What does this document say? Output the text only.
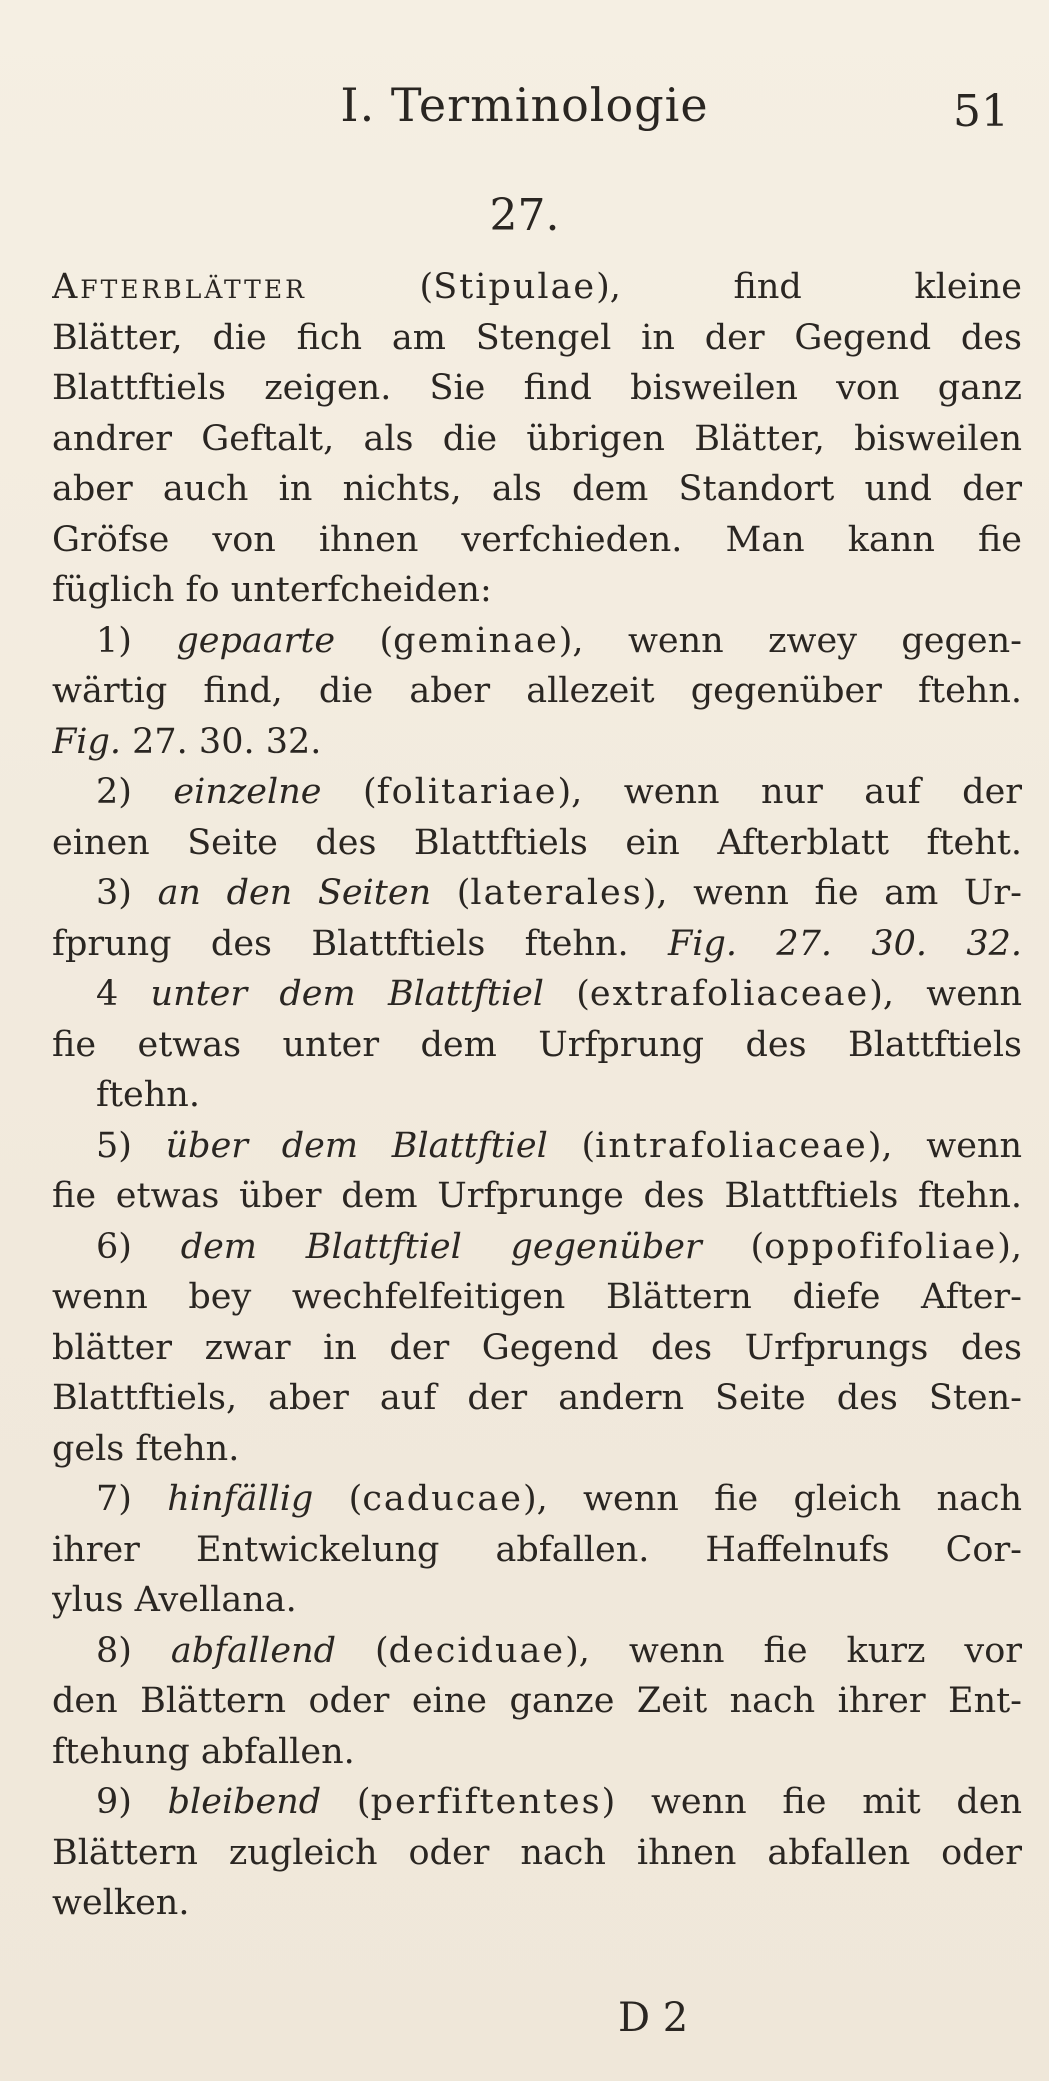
I. Terminologie	51
27.
Afterblätter (Stipulae), find kleine
Blätter, die fich am Stengel in der Gegend des
Blattftiels zeigen. Sie find bisweilen von ganz
andrer Geftalt, als die übrigen Blätter, bisweilen
aber auch in nichts, als dem Standort und der
Gröfse von ihnen verfchieden. Man kann fie
füglich fo unterfcheiden:
1) gepaarte (geminae), wenn zwey gegen-
wärtig find, die aber allezeit gegenüber ftehn.
Fig. 27. 30. 32.
2) einzelne (folitariae), wenn nur auf der
einen Seite des Blattftiels ein Afterblatt fteht.
3) an den Seiten (laterales), wenn fie am Ur-
fprung des Blattftiels ftehn. Fig. 27. 30. 32.
4 unter dem Blattftiel (extrafoliaceae), wenn
fie etwas unter dem Urfprung des Blattftiels
ftehn.
5) über dem Blattftiel (intrafoliaceae), wenn
fie etwas über dem Urfprunge des Blattftiels ftehn.
6) dem Blattftiel gegenüber (oppofifoliae),
wenn bey wechfelfeitigen Blättern diefe After-
blätter zwar in der Gegend des Urfprungs des
Blattftiels, aber auf der andern Seite des Sten-
gels ftehn.
7) hinfällig (caducae), wenn fie gleich nach
ihrer Entwickelung abfallen. Haffelnufs Cor-
ylus Avellana.
8) abfallend (deciduae), wenn fie kurz vor
den Blättern oder eine ganze Zeit nach ihrer Ent-
ftehung abfallen.
9) bleibend (perfiftentes) wenn fie mit den
Blättern zugleich oder nach ihnen abfallen oder
welken.
D 2
